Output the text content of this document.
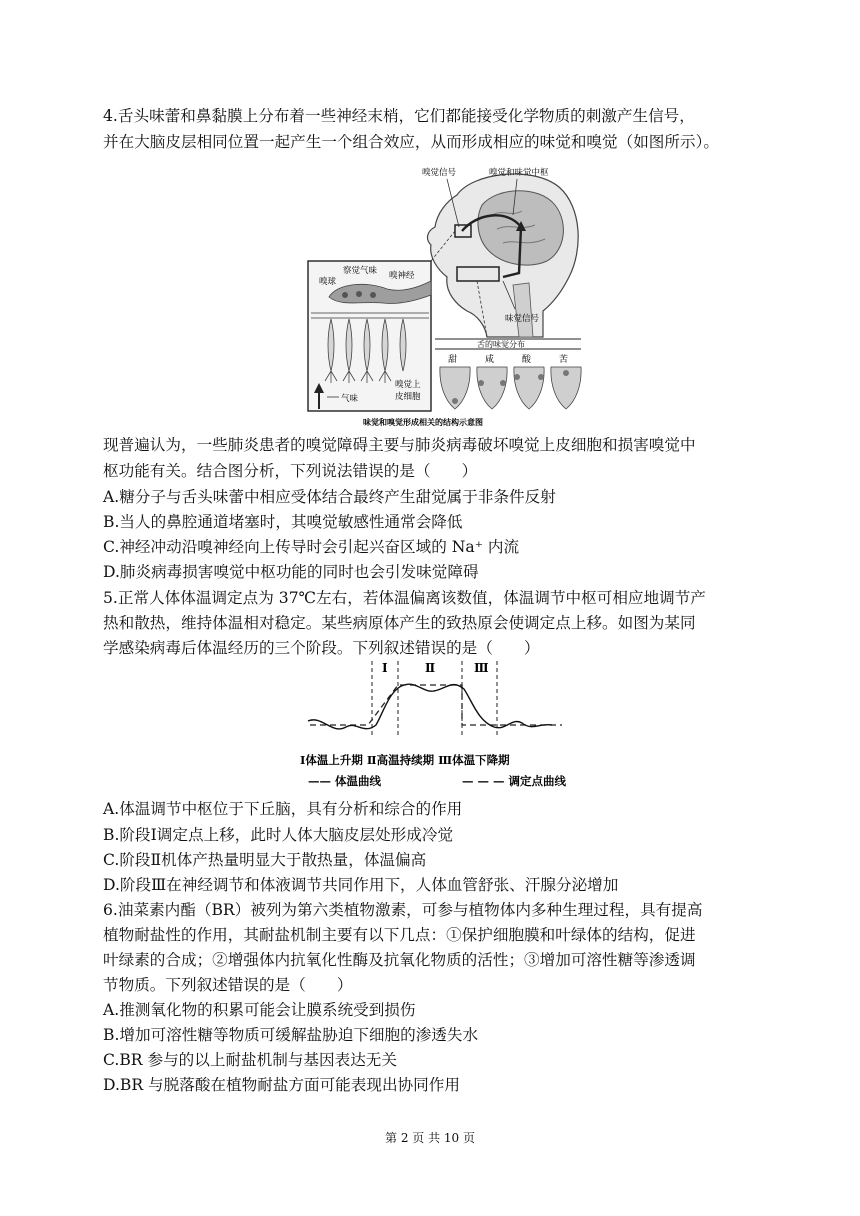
4.舌头味蕾和鼻黏膜上分布着一些神经末梢，它们都能接受化学物质的刺激产生信号，
并在大脑皮层相同位置一起产生一个组合效应，从而形成相应的味觉和嗅觉（如图所示）。
嗅觉信号	嗅觉和味觉中枢
味觉信号
气味
嗅觉上
皮细胞
察觉气味
嗅球
嗅神经
舌的味觉分布
甜	咸	酸	苦
味觉和嗅觉形成相关的结构示意图
现普遍认为，一些肺炎患者的嗅觉障碍主要与肺炎病毒破坏嗅觉上皮细胞和损害嗅觉中
枢功能有关。结合图分析，下列说法错误的是（　　）
A.糖分子与舌头味蕾中相应受体结合最终产生甜觉属于非条件反射
B.当人的鼻腔通道堵塞时，其嗅觉敏感性通常会降低
C.神经冲动沿嗅神经向上传导时会引起兴奋区域的 Na⁺ 内流
D.肺炎病毒损害嗅觉中枢功能的同时也会引发味觉障碍
5.正常人体体温调定点为 37℃左右，若体温偏离该数值，体温调节中枢可相应地调节产
热和散热，维持体温相对稳定。某些病原体产生的致热原会使调定点上移。如图为某同
学感染病毒后体温经历的三个阶段。下列叙述错误的是（　　）
Ⅰ	Ⅱ	Ⅲ
Ⅰ体温上升期 Ⅱ高温持续期 Ⅲ体温下降期
—— 体温曲线	— — — 调定点曲线
A.体温调节中枢位于下丘脑，具有分析和综合的作用
B.阶段Ⅰ调定点上移，此时人体大脑皮层处形成冷觉
C.阶段Ⅱ机体产热量明显大于散热量，体温偏高
D.阶段Ⅲ在神经调节和体液调节共同作用下，人体血管舒张、汗腺分泌增加
6.油菜素内酯（BR）被列为第六类植物激素，可参与植物体内多种生理过程，具有提高
植物耐盐性的作用，其耐盐机制主要有以下几点：①保护细胞膜和叶绿体的结构，促进
叶绿素的合成；②增强体内抗氧化性酶及抗氧化物质的活性；③增加可溶性糖等渗透调
节物质。下列叙述错误的是（　　）
A.推测氧化物的积累可能会让膜系统受到损伤
B.增加可溶性糖等物质可缓解盐胁迫下细胞的渗透失水
C.BR 参与的以上耐盐机制与基因表达无关
D.BR 与脱落酸在植物耐盐方面可能表现出协同作用
第 2 页 共 10 页
